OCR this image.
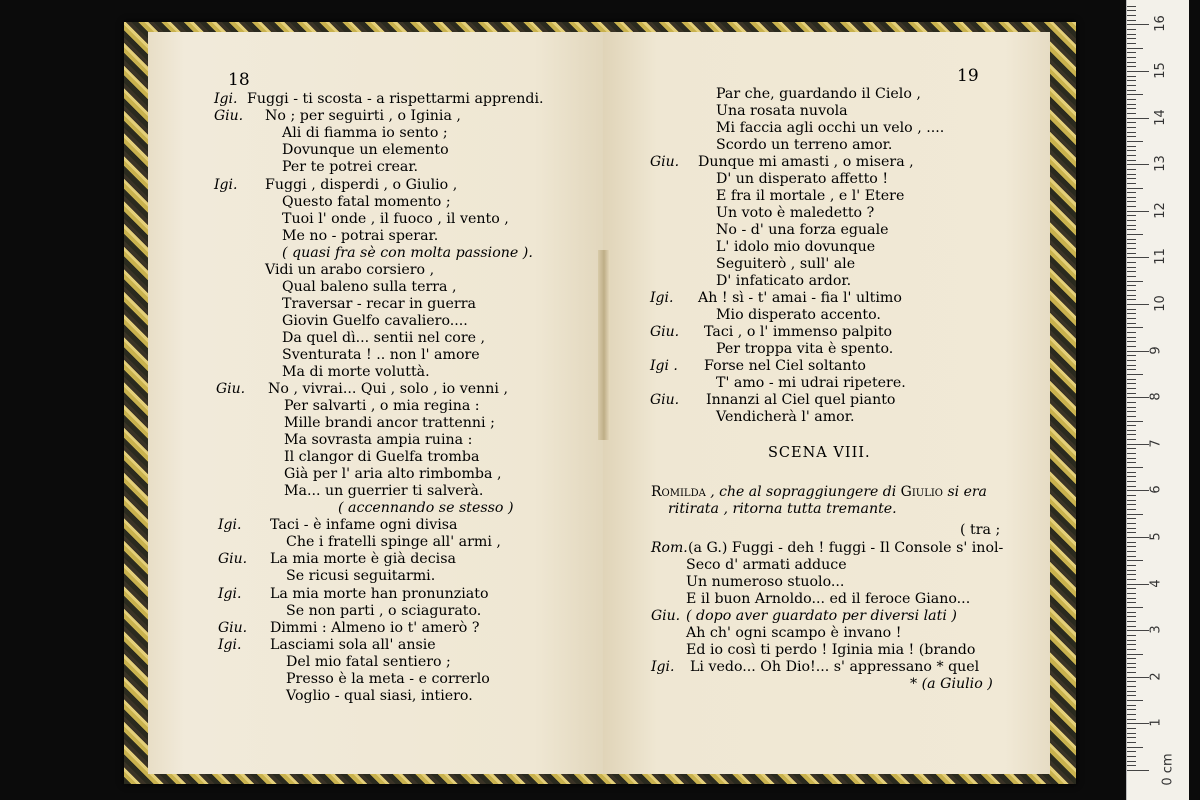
18	19
Igi. Fuggi - ti scosta - a rispettarmi apprendi.
Giu. No ; per seguirti , o Iginia ,
Ali di fiamma io sento ;
Dovunque un elemento
Per te potrei crear.
Igi. Fuggi , disperdi , o Giulio ,
Questo fatal momento ;
Tuoi l' onde , il fuoco , il vento ,
Me no - potrai sperar.
( quasi fra sè con molta passione ).
Vidi un arabo corsiero ,
Qual baleno sulla terra ,
Traversar - recar in guerra
Giovin Guelfo cavaliero....
Da quel dì... sentii nel core ,
Sventurata ! .. non l' amore
Ma di morte voluttà.
Giu. No , vivrai... Qui , solo , io venni ,
Per salvarti , o mia regina :
Mille brandi ancor trattenni ;
Ma sovrasta ampia ruina :
Il clangor di Guelfa tromba
Già per l' aria alto rimbomba ,
Ma... un guerrier ti salverà.
( accennando se stesso )
Igi. Taci - è infame ogni divisa
Che i fratelli spinge all' armi ,
Giu. La mia morte è già decisa
Se ricusi seguitarmi.
Igi. La mia morte han pronunziato
Se non parti , o sciagurato.
Giu. Dimmi : Almeno io t' amerò ?
Igi. Lasciami sola all' ansie
Del mio fatal sentiero ;
Presso è la meta - e correrlo
Voglio - qual siasi, intiero.
Par che, guardando il Cielo ,
Una rosata nuvola
Mi faccia agli occhi un velo , ....
Scordo un terreno amor.
Giu. Dunque mi amasti , o misera ,
D' un disperato affetto !
E fra il mortale , e l' Etere
Un voto è maledetto ?
No - d' una forza eguale
L' idolo mio dovunque
Seguiterò , sull' ale
D' infaticato ardor.
Igi. Ah ! sì - t' amai - fia l' ultimo
Mio disperato accento.
Giu. Taci , o l' immenso palpito
Per troppa vita è spento.
Igi . Forse nel Ciel soltanto
T' amo - mi udrai ripetere.
Giu. Innanzi al Ciel quel pianto
Vendicherà l' amor.
SCENA VIII.
Romilda , che al sopraggiungere di Giulio si era
ritirata , ritorna tutta tremante.
( tra ;
Rom. (a G.) Fuggi - deh ! fuggi - Il Console s' inol-
Seco d' armati adduce
Un numeroso stuolo...
E il buon Arnoldo... ed il feroce Giano...
Giu. ( dopo aver guardato per diversi lati )
Ah ch' ogni scampo è invano !
Ed io così ti perdo ! Iginia mia ! (brando
Igi. Li vedo... Oh Dio!... s' appressano * quel
* (a Giulio )
0 cm
1
2
3
4
5
6
7
8
9
10
11
12
13
14
15
16
